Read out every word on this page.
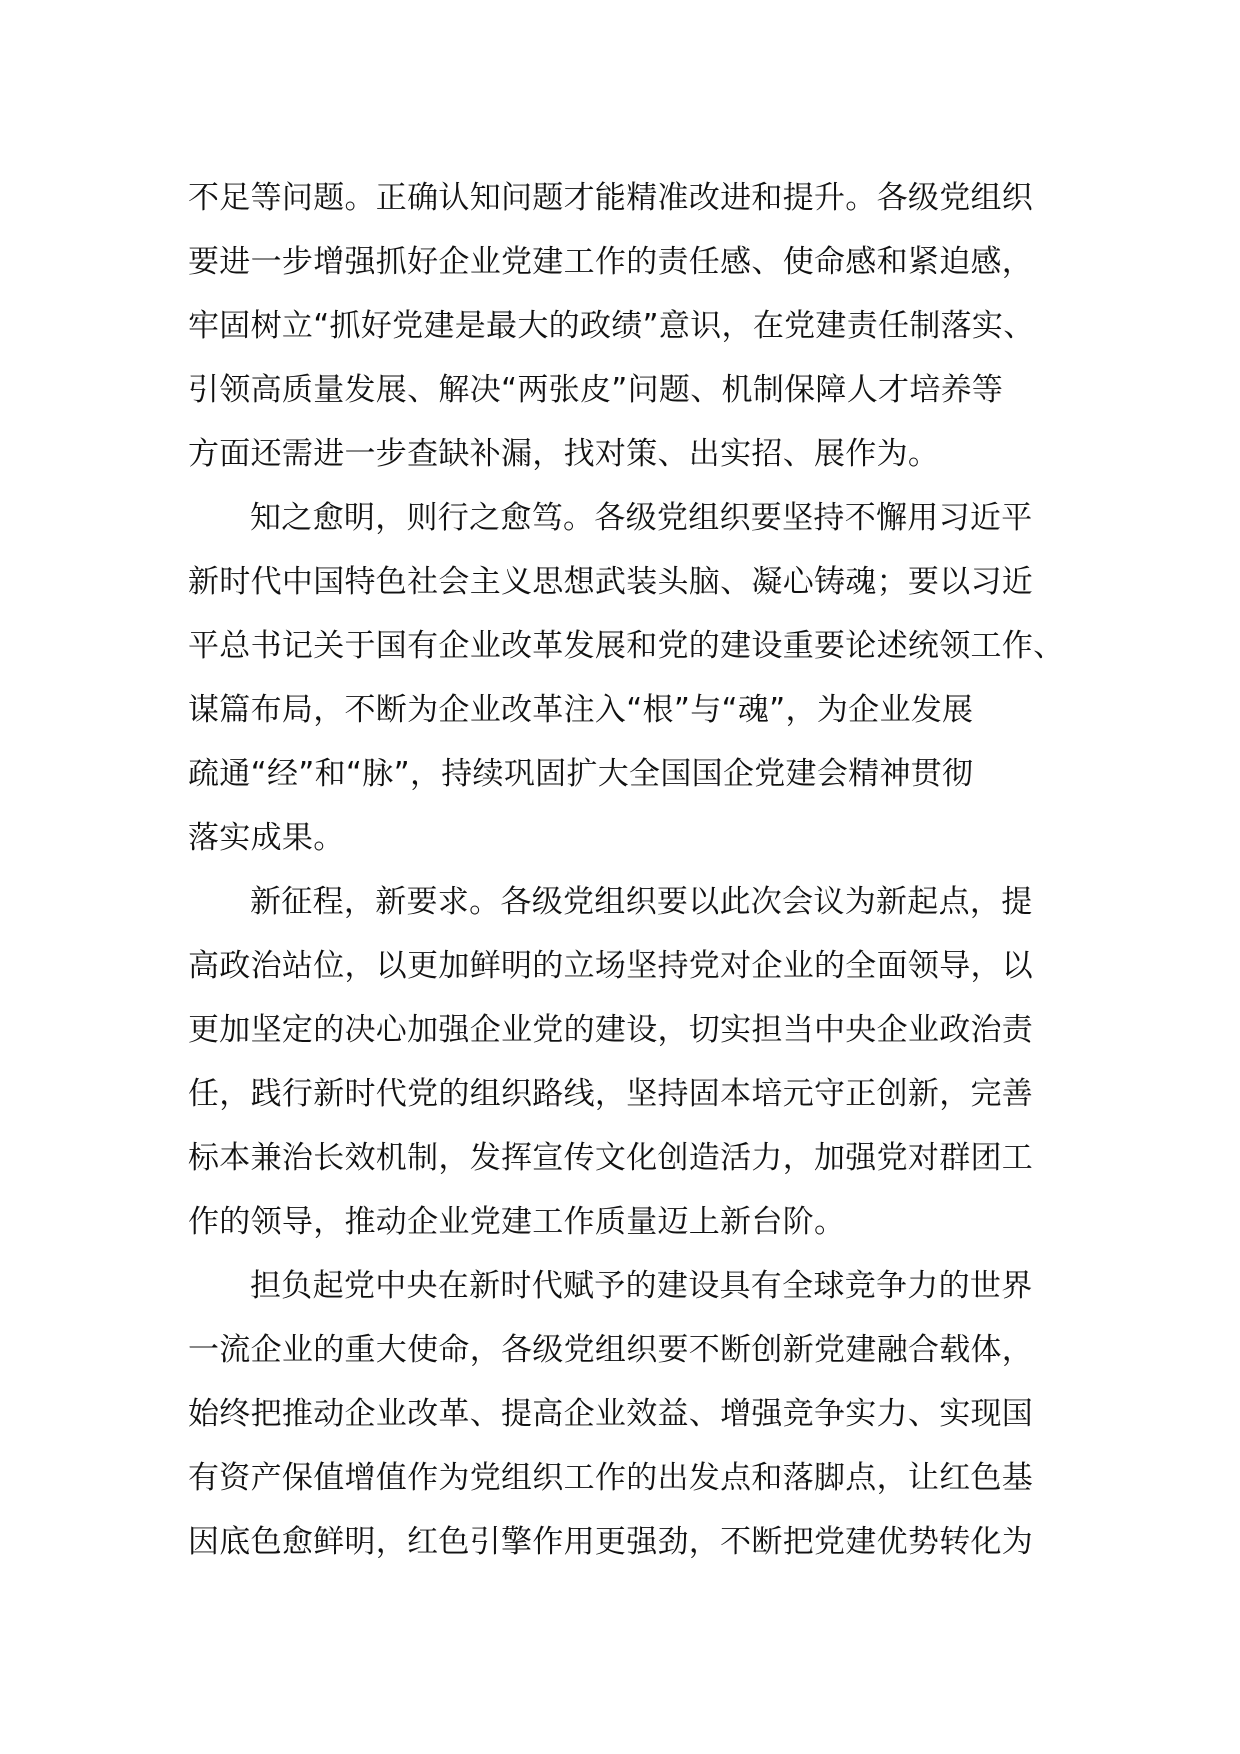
不足等问题。正确认知问题才能精准改进和提升。各级党组织
要进一步增强抓好企业党建工作的责任感、使命感和紧迫感，
牢固树立“抓好党建是最大的政绩”意识，在党建责任制落实、
引领高质量发展、解决“两张皮”问题、机制保障人才培养等
方面还需进一步查缺补漏，找对策、出实招、展作为。
知之愈明，则行之愈笃。各级党组织要坚持不懈用习近平
新时代中国特色社会主义思想武装头脑、凝心铸魂；要以习近
平总书记关于国有企业改革发展和党的建设重要论述统领工作、
谋篇布局，不断为企业改革注入“根”与“魂”，为企业发展
疏通“经”和“脉”，持续巩固扩大全国国企党建会精神贯彻
落实成果。
新征程，新要求。各级党组织要以此次会议为新起点，提
高政治站位，以更加鲜明的立场坚持党对企业的全面领导，以
更加坚定的决心加强企业党的建设，切实担当中央企业政治责
任，践行新时代党的组织路线，坚持固本培元守正创新，完善
标本兼治长效机制，发挥宣传文化创造活力，加强党对群团工
作的领导，推动企业党建工作质量迈上新台阶。
担负起党中央在新时代赋予的建设具有全球竞争力的世界
一流企业的重大使命，各级党组织要不断创新党建融合载体，
始终把推动企业改革、提高企业效益、增强竞争实力、实现国
有资产保值增值作为党组织工作的出发点和落脚点，让红色基
因底色愈鲜明，红色引擎作用更强劲，不断把党建优势转化为
